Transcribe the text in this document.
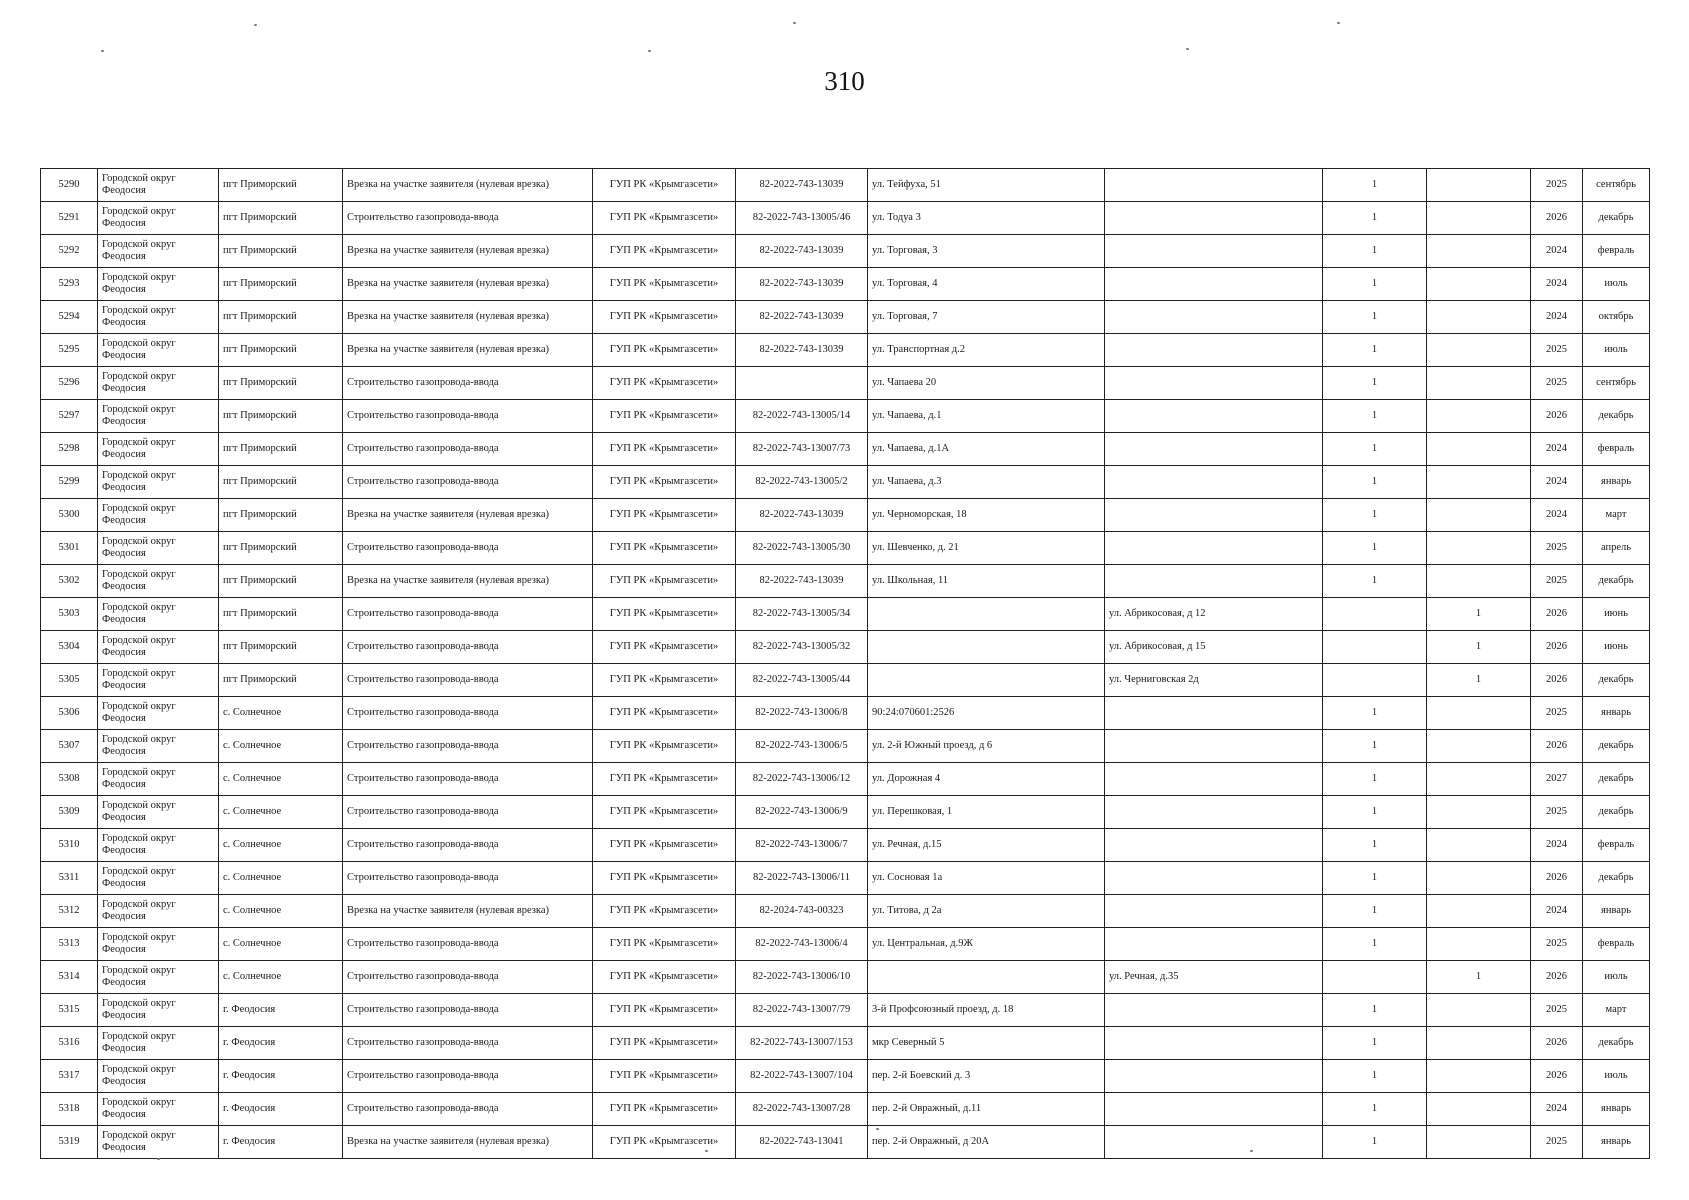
310
5290	Городской округ Феодосия	пгт Приморский	Врезка на участке заявителя (нулевая врезка)	ГУП РК «Крымгазсети»	82-2022-743-13039	ул. Тейфуха, 51		1		2025	сентябрь
5291	Городской округ Феодосия	пгт Приморский	Строительство газопровода-ввода	ГУП РК «Крымгазсети»	82-2022-743-13005/46	ул. Тодуа 3		1		2026	декабрь
5292	Городской округ Феодосия	пгт Приморский	Врезка на участке заявителя (нулевая врезка)	ГУП РК «Крымгазсети»	82-2022-743-13039	ул. Торговая, 3		1		2024	февраль
5293	Городской округ Феодосия	пгт Приморский	Врезка на участке заявителя (нулевая врезка)	ГУП РК «Крымгазсети»	82-2022-743-13039	ул. Торговая, 4		1		2024	июль
5294	Городской округ Феодосия	пгт Приморский	Врезка на участке заявителя (нулевая врезка)	ГУП РК «Крымгазсети»	82-2022-743-13039	ул. Торговая, 7		1		2024	октябрь
5295	Городской округ Феодосия	пгт Приморский	Врезка на участке заявителя (нулевая врезка)	ГУП РК «Крымгазсети»	82-2022-743-13039	ул. Транспортная д.2		1		2025	июль
5296	Городской округ Феодосия	пгт Приморский	Строительство газопровода-ввода	ГУП РК «Крымгазсети»		ул. Чапаева 20		1		2025	сентябрь
5297	Городской округ Феодосия	пгт Приморский	Строительство газопровода-ввода	ГУП РК «Крымгазсети»	82-2022-743-13005/14	ул. Чапаева, д.1		1		2026	декабрь
5298	Городской округ Феодосия	пгт Приморский	Строительство газопровода-ввода	ГУП РК «Крымгазсети»	82-2022-743-13007/73	ул. Чапаева, д.1А		1		2024	февраль
5299	Городской округ Феодосия	пгт Приморский	Строительство газопровода-ввода	ГУП РК «Крымгазсети»	82-2022-743-13005/2	ул. Чапаева, д.3		1		2024	январь
5300	Городской округ Феодосия	пгт Приморский	Врезка на участке заявителя (нулевая врезка)	ГУП РК «Крымгазсети»	82-2022-743-13039	ул. Черноморская, 18		1		2024	март
5301	Городской округ Феодосия	пгт Приморский	Строительство газопровода-ввода	ГУП РК «Крымгазсети»	82-2022-743-13005/30	ул. Шевченко, д. 21		1		2025	апрель
5302	Городской округ Феодосия	пгт Приморский	Врезка на участке заявителя (нулевая врезка)	ГУП РК «Крымгазсети»	82-2022-743-13039	ул. Школьная, 11		1		2025	декабрь
5303	Городской округ Феодосия	пгт Приморский	Строительство газопровода-ввода	ГУП РК «Крымгазсети»	82-2022-743-13005/34		ул. Абрикосовая, д 12		1	2026	июнь
5304	Городской округ Феодосия	пгт Приморский	Строительство газопровода-ввода	ГУП РК «Крымгазсети»	82-2022-743-13005/32		ул. Абрикосовая, д 15		1	2026	июнь
5305	Городской округ Феодосия	пгт Приморский	Строительство газопровода-ввода	ГУП РК «Крымгазсети»	82-2022-743-13005/44		ул. Черниговская 2д		1	2026	декабрь
5306	Городской округ Феодосия	с. Солнечное	Строительство газопровода-ввода	ГУП РК «Крымгазсети»	82-2022-743-13006/8	90:24:070601:2526		1		2025	январь
5307	Городской округ Феодосия	с. Солнечное	Строительство газопровода-ввода	ГУП РК «Крымгазсети»	82-2022-743-13006/5	ул. 2-й Южный проезд, д 6		1		2026	декабрь
5308	Городской округ Феодосия	с. Солнечное	Строительство газопровода-ввода	ГУП РК «Крымгазсети»	82-2022-743-13006/12	ул. Дорожная 4		1		2027	декабрь
5309	Городской округ Феодосия	с. Солнечное	Строительство газопровода-ввода	ГУП РК «Крымгазсети»	82-2022-743-13006/9	ул. Перешковая, 1		1		2025	декабрь
5310	Городской округ Феодосия	с. Солнечное	Строительство газопровода-ввода	ГУП РК «Крымгазсети»	82-2022-743-13006/7	ул. Речная, д.15		1		2024	февраль
5311	Городской округ Феодосия	с. Солнечное	Строительство газопровода-ввода	ГУП РК «Крымгазсети»	82-2022-743-13006/11	ул. Сосновая 1а		1		2026	декабрь
5312	Городской округ Феодосия	с. Солнечное	Врезка на участке заявителя (нулевая врезка)	ГУП РК «Крымгазсети»	82-2024-743-00323	ул. Титова, д 2а		1		2024	январь
5313	Городской округ Феодосия	с. Солнечное	Строительство газопровода-ввода	ГУП РК «Крымгазсети»	82-2022-743-13006/4	ул. Центральная, д.9Ж		1		2025	февраль
5314	Городской округ Феодосия	с. Солнечное	Строительство газопровода-ввода	ГУП РК «Крымгазсети»	82-2022-743-13006/10		ул. Речная, д.35		1	2026	июль
5315	Городской округ Феодосия	г. Феодосия	Строительство газопровода-ввода	ГУП РК «Крымгазсети»	82-2022-743-13007/79	3-й Профсоюзный проезд, д. 18		1		2025	март
5316	Городской округ Феодосия	г. Феодосия	Строительство газопровода-ввода	ГУП РК «Крымгазсети»	82-2022-743-13007/153	мкр Северный 5		1		2026	декабрь
5317	Городской округ Феодосия	г. Феодосия	Строительство газопровода-ввода	ГУП РК «Крымгазсети»	82-2022-743-13007/104	пер. 2-й Боевский д. 3		1		2026	июль
5318	Городской округ Феодосия	г. Феодосия	Строительство газопровода-ввода	ГУП РК «Крымгазсети»	82-2022-743-13007/28	пер. 2-й Овражный, д.11		1		2024	январь
5319	Городской округ Феодосия	г. Феодосия	Врезка на участке заявителя (нулевая врезка)	ГУП РК «Крымгазсети»	82-2022-743-13041	пер. 2-й Овражный, д 20А		1		2025	январь
